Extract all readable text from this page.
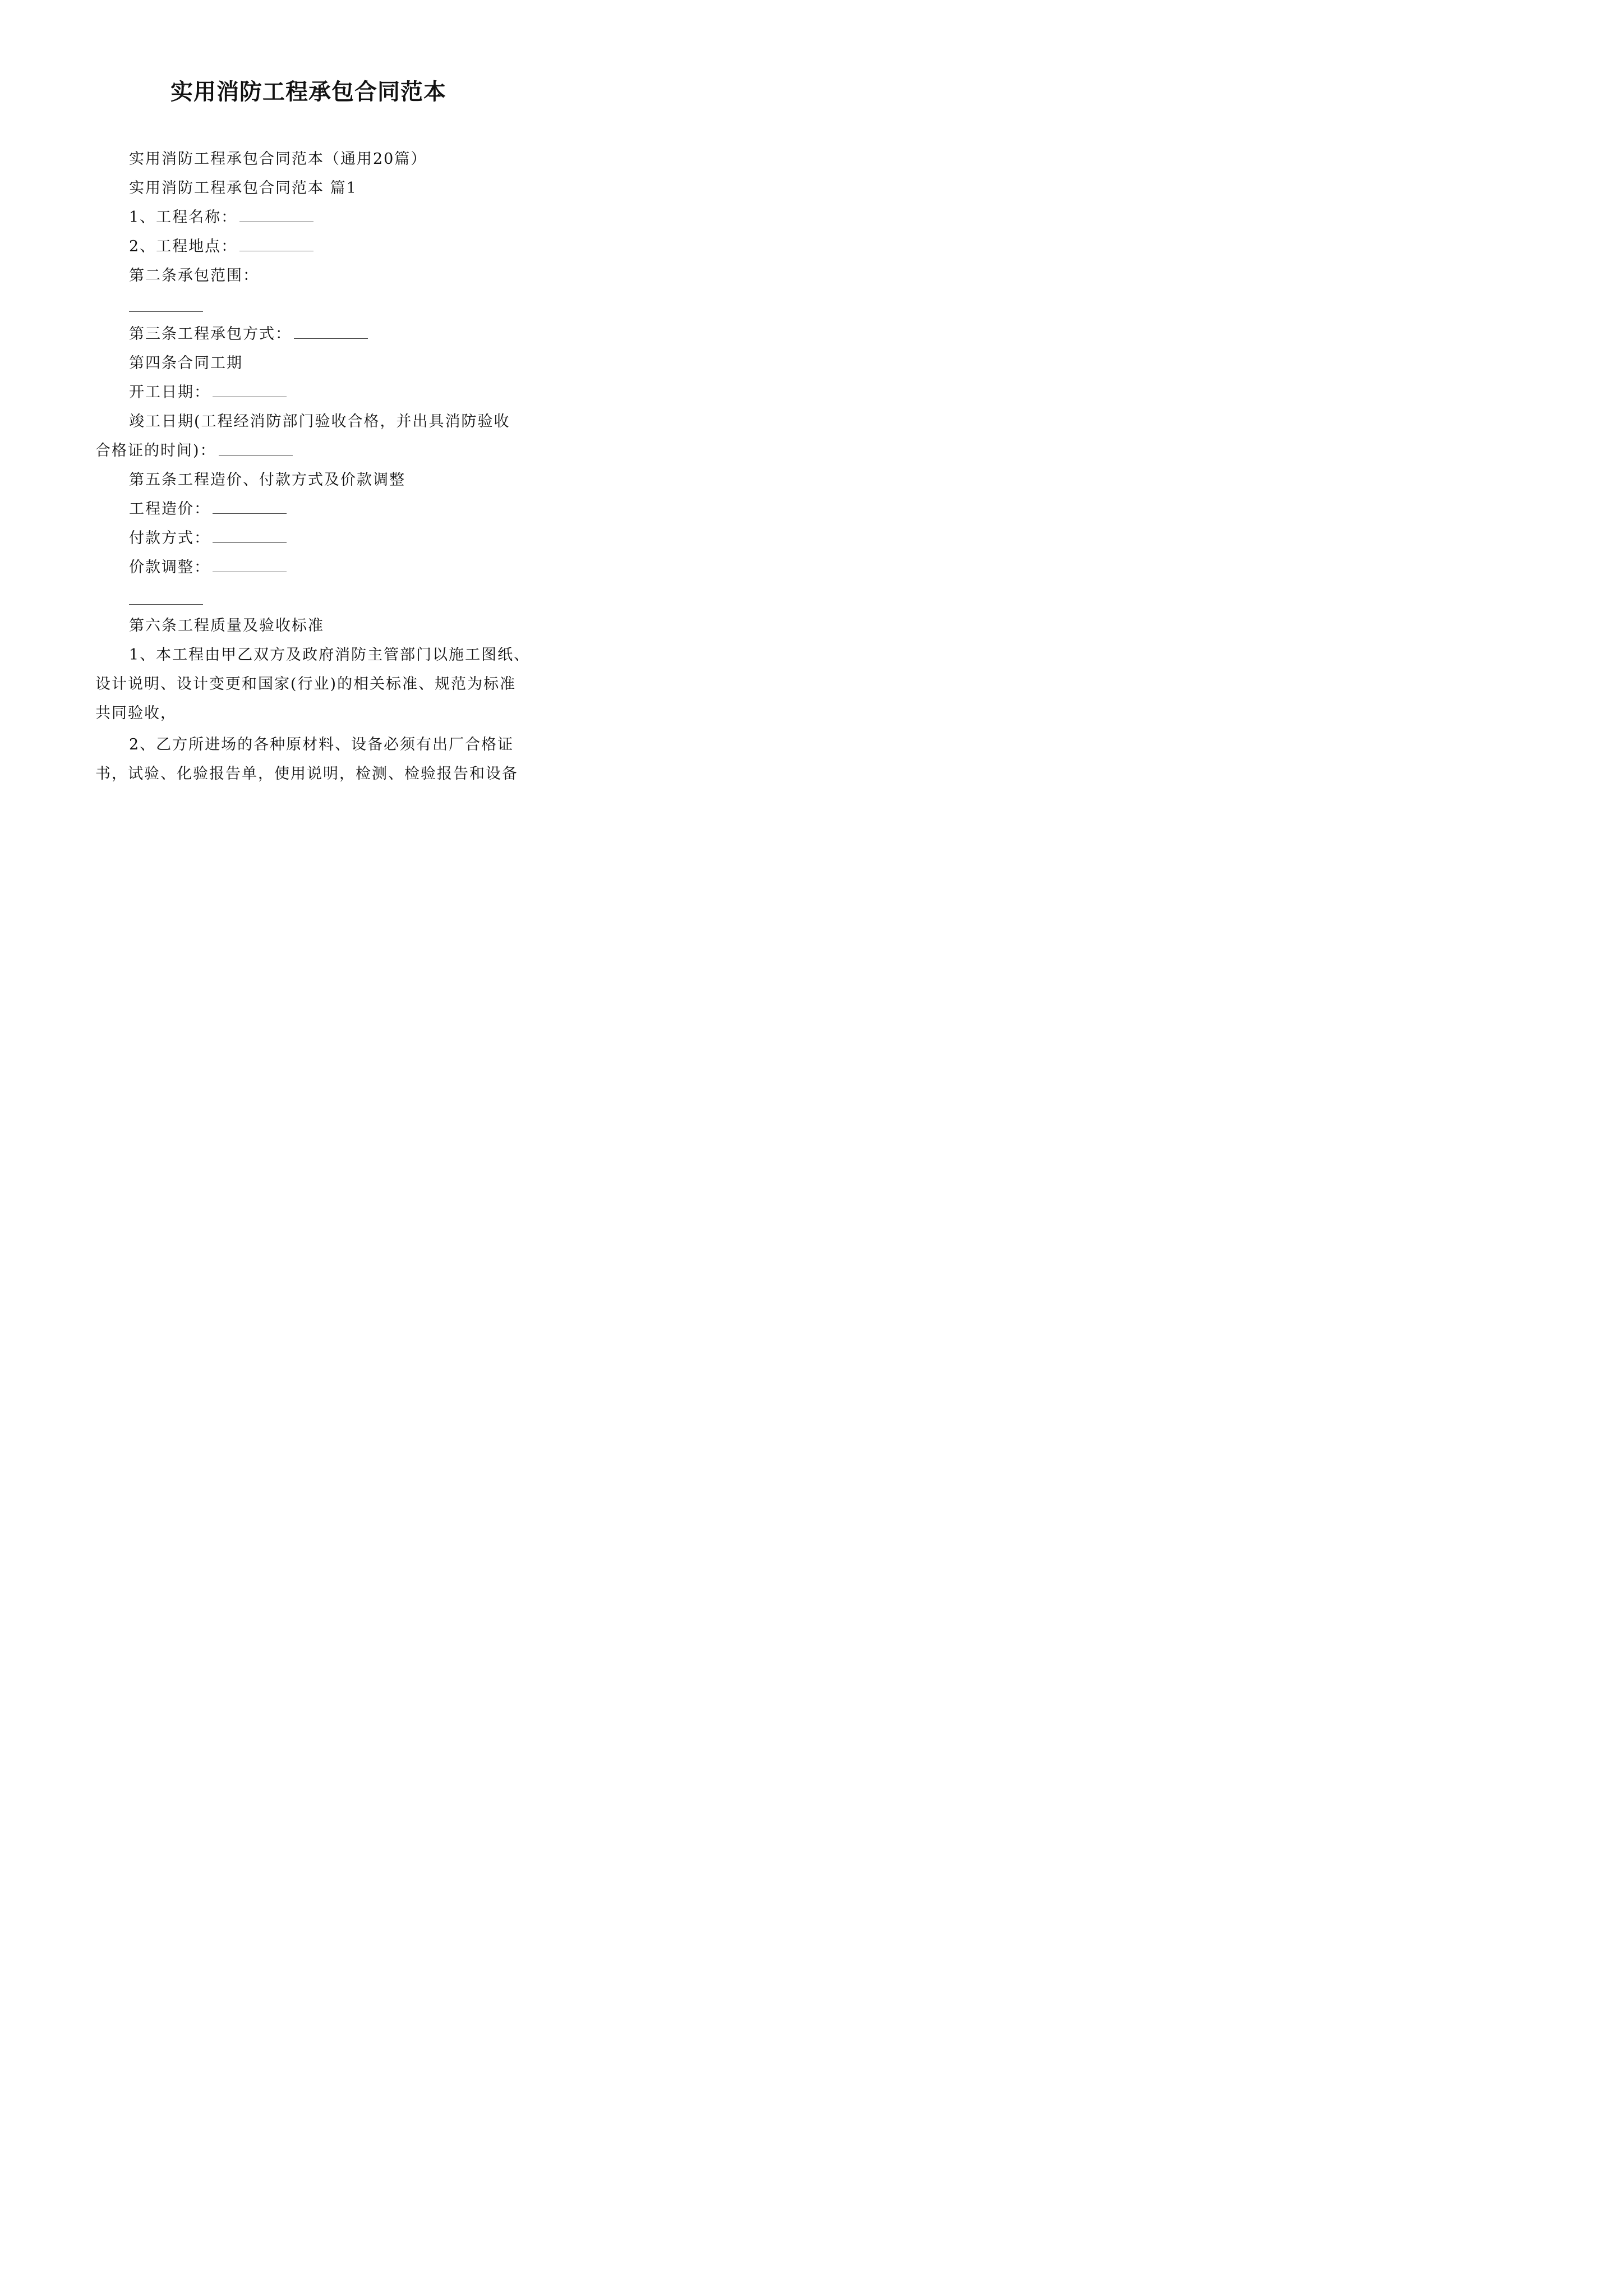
实用消防工程承包合同范本
实用消防工程承包合同范本（通用20篇）
实用消防工程承包合同范本 篇1
1、工程名称：
2、工程地点：
第二条承包范围：
第三条工程承包方式：
第四条合同工期
开工日期：
竣工日期(工程经消防部门验收合格，并出具消防验收
合格证的时间)：
第五条工程造价、付款方式及价款调整
工程造价：
付款方式：
价款调整：
第六条工程质量及验收标准
1、本工程由甲乙双方及政府消防主管部门以施工图纸、
设计说明、设计变更和国家(行业)的相关标准、规范为标准
共同验收，
2、乙方所进场的各种原材料、设备必须有出厂合格证
书，试验、化验报告单，使用说明，检测、检验报告和设备
